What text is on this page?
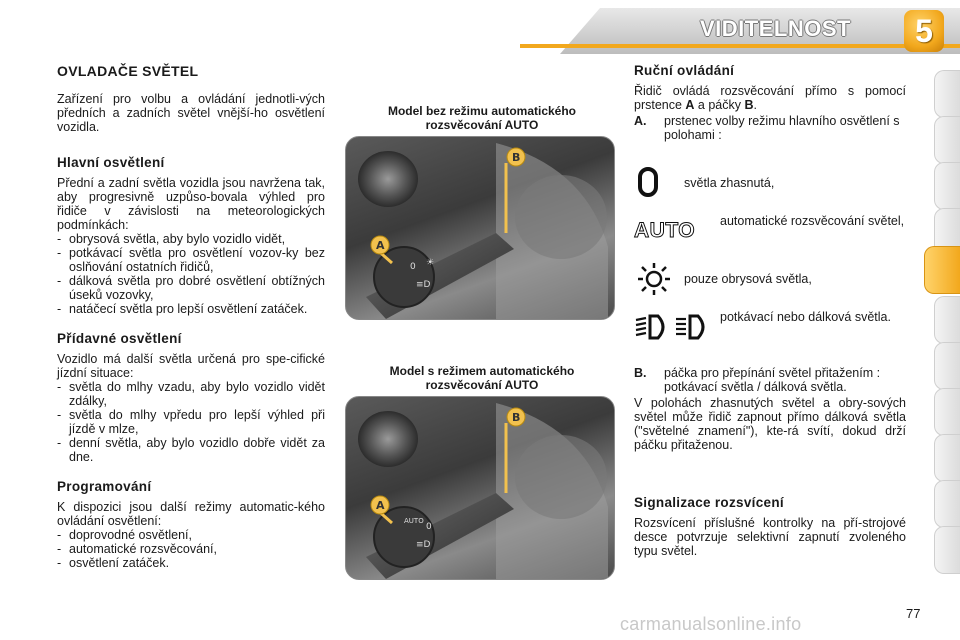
VIDITELNOST	5
OVLADAČE SVĚTEL

Zařízení pro volbu a ovládání jednotli-vých předních a zadních světel vnější-ho osvětlení vozidla.

Hlavní osvětlení

Přední a zadní světla vozidla jsou navržena tak, aby progresivně uzpůso-bovala výhled pro řidiče v závislosti na meteorologických podmínkách:

- obrysová světla, aby bylo vozidlo vidět,
- potkávací světla pro osvětlení vozov-ky bez oslňování ostatních řidičů,
- dálková světla pro dobré osvětlení obtížných úseků vozovky,
- natáčecí světla pro lepší osvětlení zatáček.
Přídavné osvětlení

Vozidlo má další světla určená pro spe-cifické jízdní situace:

- světla do mlhy vzadu, aby bylo vozidlo vidět zdálky,
- světla do mlhy vpředu pro lepší výhled při jízdě v mlze,
- denní světla, aby bylo vozidlo dobře vidět za dne.
Programování

K dispozici jsou další režimy automatic-kého ovládání osvětlení:

- doprovodné osvětlení,
- automatické rozsvěcování,
- osvětlení zatáček.
Model bez režimu automatického rozsvěcování AUTO
0 ☀
≡D
B
A
Model s režimem automatického rozsvěcování AUTO
AUTO
0
≡D
B
A
Ruční ovládání

Řidič ovládá rozsvěcování přímo s pomocí prstence A a páčky B.

A.	prstenec volby režimu hlavního osvětlení s polohami :
světla zhasnutá,
AUTO automatické rozsvěcování světel,
pouze obrysová světla,
potkávací nebo dálková světla.
B.	páčka pro přepínání světel přitažením : potkávací světla / dálková světla.

V polohách zhasnutých světel a obry-sových světel může řidič zapnout přímo dálková světla ("světelné znamení"), kte-rá svítí, dokud drží páčku přitaženou.

Signalizace rozsvícení

Rozsvícení příslušné kontrolky na pří-strojové desce potvrzuje selektivní zapnutí zvoleného typu světel.

77
carmanualsonline.info
